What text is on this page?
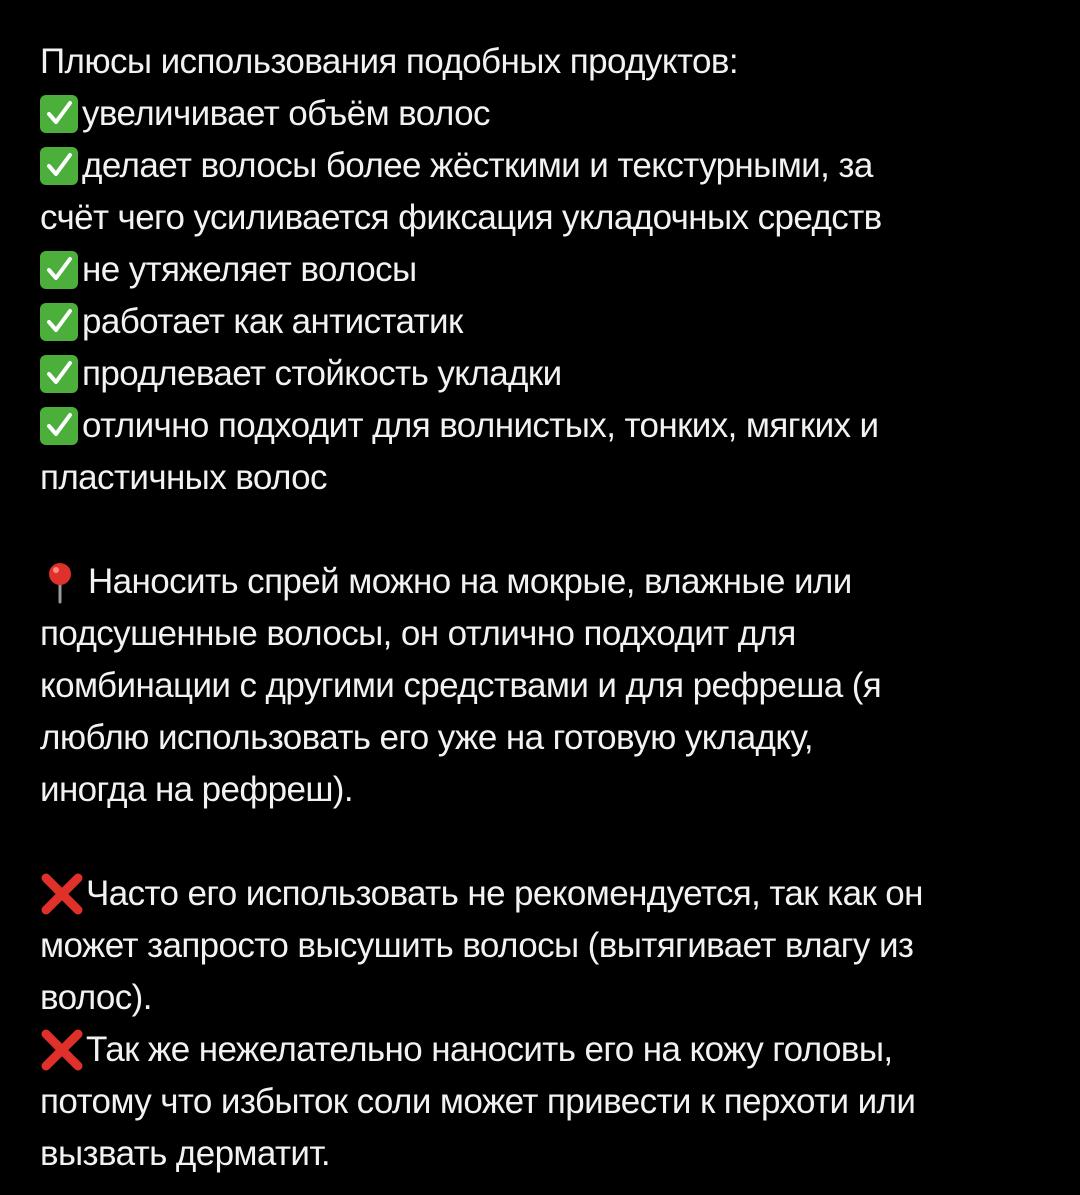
Плюсы использования подобных продуктов:
увеличивает объём волос
делает волосы более жёсткими и текстурными, за
счёт чего усиливается фиксация укладочных средств
не утяжеляет волосы
работает как антистатик
продлевает стойкость укладки
отлично подходит для волнистых, тонких, мягких и
пластичных волос
Наносить спрей можно на мокрые, влажные или
подсушенные волосы, он отлично подходит для
комбинации с другими средствами и для рефреша (я
люблю использовать его уже на готовую укладку,
иногда на рефреш).
Часто его использовать не рекомендуется, так как он
может запросто высушить волосы (вытягивает влагу из
волос).
Так же нежелательно наносить его на кожу головы,
потому что избыток соли может привести к перхоти или
вызвать дерматит.
